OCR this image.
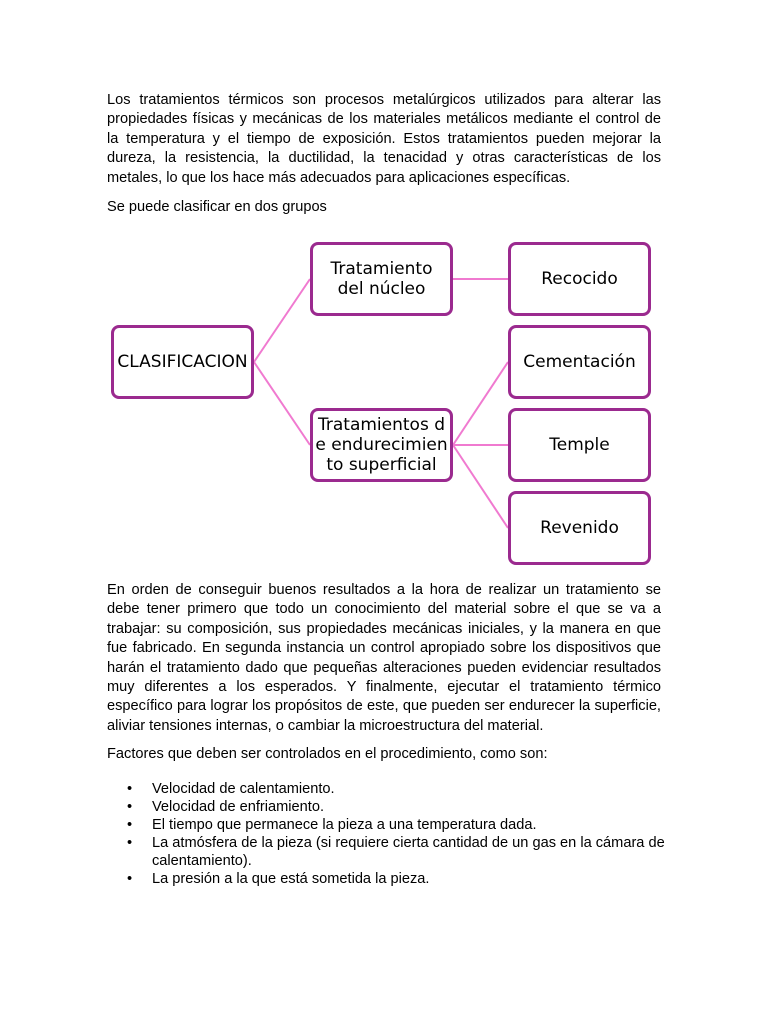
Los tratamientos térmicos son procesos metalúrgicos utilizados para alterar las propiedades físicas y mecánicas de los materiales metálicos mediante el control de la temperatura y el tiempo de exposición. Estos tratamientos pueden mejorar la dureza, la resistencia, la ductilidad, la tenacidad y otras características de los metales, lo que los hace más adecuados para aplicaciones específicas.

Se puede clasificar en dos grupos

CLASIFICACION
Tratamiento del núcleo
Tratamientos de endurecimiento superficial
Recocido
Cementación
Temple
Revenido

En orden de conseguir buenos resultados a la hora de realizar un tratamiento se debe tener primero que todo un conocimiento del material sobre el que se va a trabajar: su composición, sus propiedades mecánicas iniciales, y la manera en que fue fabricado. En segunda instancia un control apropiado sobre los dispositivos que harán el tratamiento dado que pequeñas alteraciones pueden evidenciar resultados muy diferentes a los esperados. Y finalmente, ejecutar el tratamiento térmico específico para lograr los propósitos de este, que pueden ser endurecer la superficie, aliviar tensiones internas, o cambiar la microestructura del material.

Factores que deben ser controlados en el procedimiento, como son:

• Velocidad de calentamiento.
• Velocidad de enfriamiento.
• El tiempo que permanece la pieza a una temperatura dada.
• La atmósfera de la pieza (si requiere cierta cantidad de un gas en la cámara de calentamiento).
• La presión a la que está sometida la pieza.
